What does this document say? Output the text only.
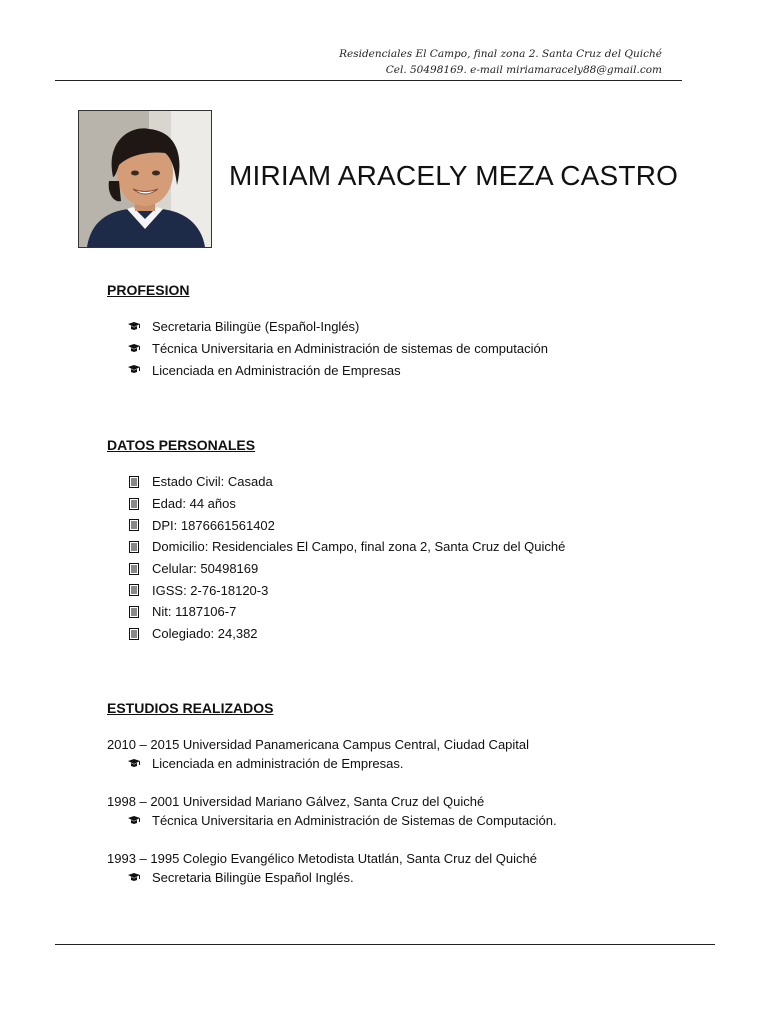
Residenciales El Campo, final zona 2. Santa Cruz del Quiché
Cel. 50498169. e-mail miriamaracely88@gmail.com
MIRIAM ARACELY MEZA CASTRO
PROFESION
Secretaria Bilingüe (Español-Inglés)
Técnica Universitaria en Administración de sistemas de computación
Licenciada en Administración de Empresas
DATOS PERSONALES
Estado Civil: Casada
Edad: 44 años
DPI: 1876661561402
Domicilio: Residenciales El Campo, final zona 2, Santa Cruz del Quiché
Celular: 50498169
IGSS: 2-76-18120-3
Nit: 1187106-7
Colegiado: 24,382
ESTUDIOS REALIZADOS
2010 – 2015 Universidad Panamericana Campus Central, Ciudad Capital
Licenciada en administración de Empresas.
1998 – 2001 Universidad Mariano Gálvez, Santa Cruz del Quiché
Técnica Universitaria en Administración de Sistemas de Computación.
1993 – 1995 Colegio Evangélico Metodista Utatlán, Santa Cruz del Quiché
Secretaria Bilingüe Español Inglés.
